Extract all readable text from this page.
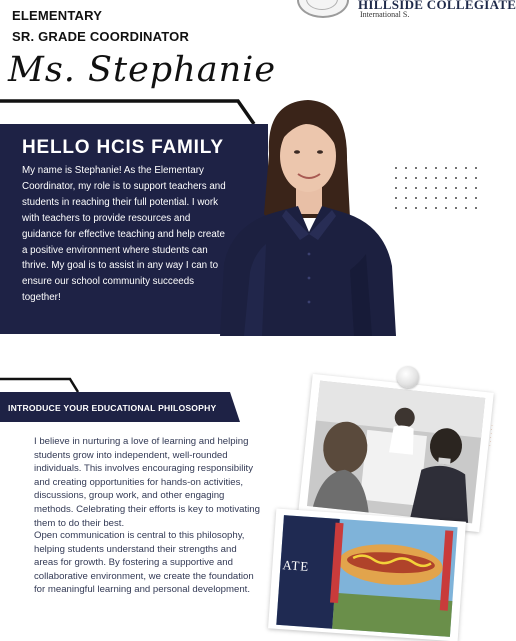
ELEMENTARY
SR. GRADE COORDINATOR
Ms. Stephanie
HILLSIDE COLLEGIATE
International S.
HELLO HCIS FAMILY

My name is Stephanie! As the Elementary Coordinator, my role is to support teachers and students in reaching their full potential. I work with teachers to provide resources and guidance for effective teaching and help create a positive environment where students can thrive. My goal is to assist in any way I can to ensure our school community succeeds together!

INTRODUCE YOUR EDUCATIONAL PHILOSOPHY

I believe in nurturing a love of learning and helping students grow into independent, well-rounded individuals. This involves encouraging responsibility and creating opportunities for hands-on activities, discussions, group work, and other engaging methods. Celebrating their efforts is key to motivating them to do their best.

Open communication is central to this philosophy, helping students understand their strengths and areas for growth. By fostering a supportive and collaborative environment, we create the foundation for meaningful learning and personal development.

· · · · · ·
ATE
